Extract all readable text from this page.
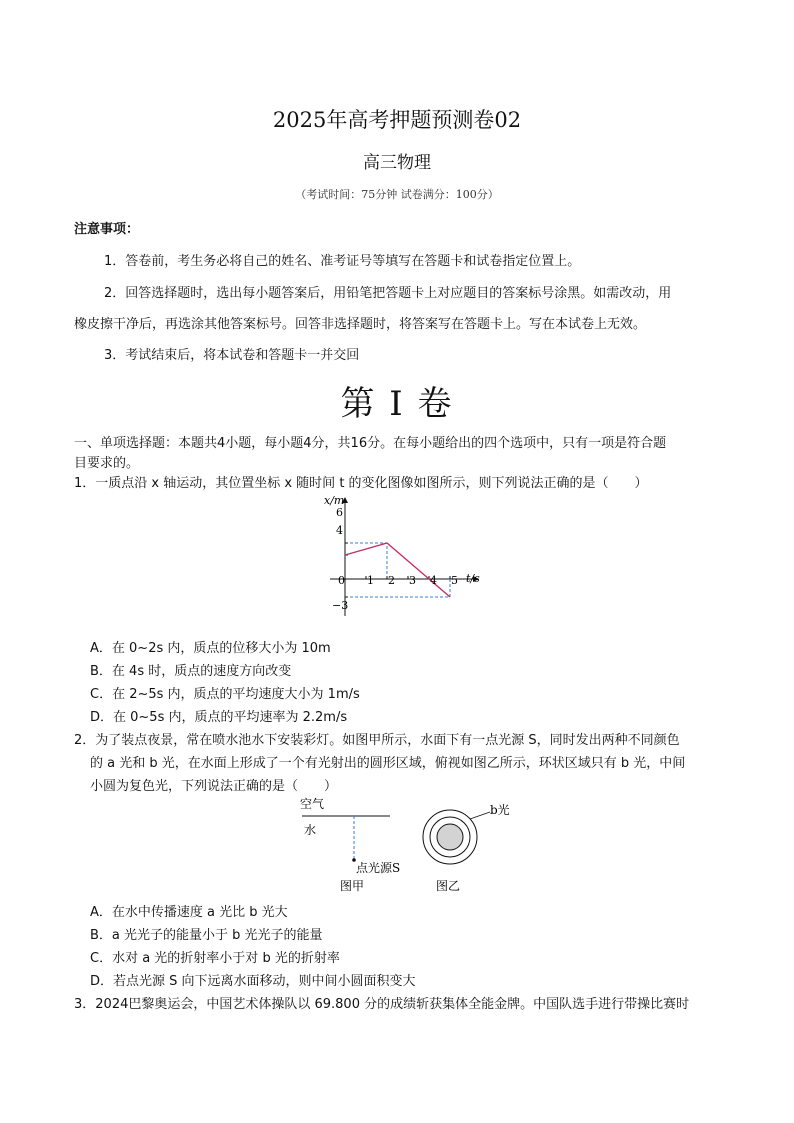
2025年高考押题预测卷02
高三物理
（考试时间：75分钟 试卷满分：100分）
注意事项：
1．答卷前，考生务必将自己的姓名、准考证号等填写在答题卡和试卷指定位置上。
2．回答选择题时，选出每小题答案后，用铅笔把答题卡上对应题目的答案标号涂黑。如需改动，用
橡皮擦干净后，再选涂其他答案标号。回答非选择题时，将答案写在答题卡上。写在本试卷上无效。
3．考试结束后，将本试卷和答题卡一并交回
第 I 卷
一、单项选择题：本题共4小题，每小题4分，共16分。在每小题给出的四个选项中，只有一项是符合题
目要求的。
1．一质点沿 x 轴运动，其位置坐标 x 随时间 t 的变化图像如图所示，则下列说法正确的是（　　）
x/m
t/s
0
6
4
−3
1 2 3 4 5
A．在 0~2s 内，质点的位移大小为 10m
B．在 4s 时，质点的速度方向改变
C．在 2~5s 内，质点的平均速度大小为 1m/s
D．在 0~5s 内，质点的平均速率为 2.2m/s
2．为了装点夜景，常在喷水池水下安装彩灯。如图甲所示，水面下有一点光源 S，同时发出两种不同颜色
的 a 光和 b 光，在水面上形成了一个有光射出的圆形区域，俯视如图乙所示，环状区域只有 b 光，中间
小圆为复色光，下列说法正确的是（　　）
空气
水
点光源S
图甲
b光
图乙
A．在水中传播速度 a 光比 b 光大
B．a 光光子的能量小于 b 光光子的能量
C．水对 a 光的折射率小于对 b 光的折射率
D．若点光源 S 向下远离水面移动，则中间小圆面积变大
3．2024巴黎奥运会，中国艺术体操队以 69.800 分的成绩斩获集体全能金牌。中国队选手进行带操比赛时
